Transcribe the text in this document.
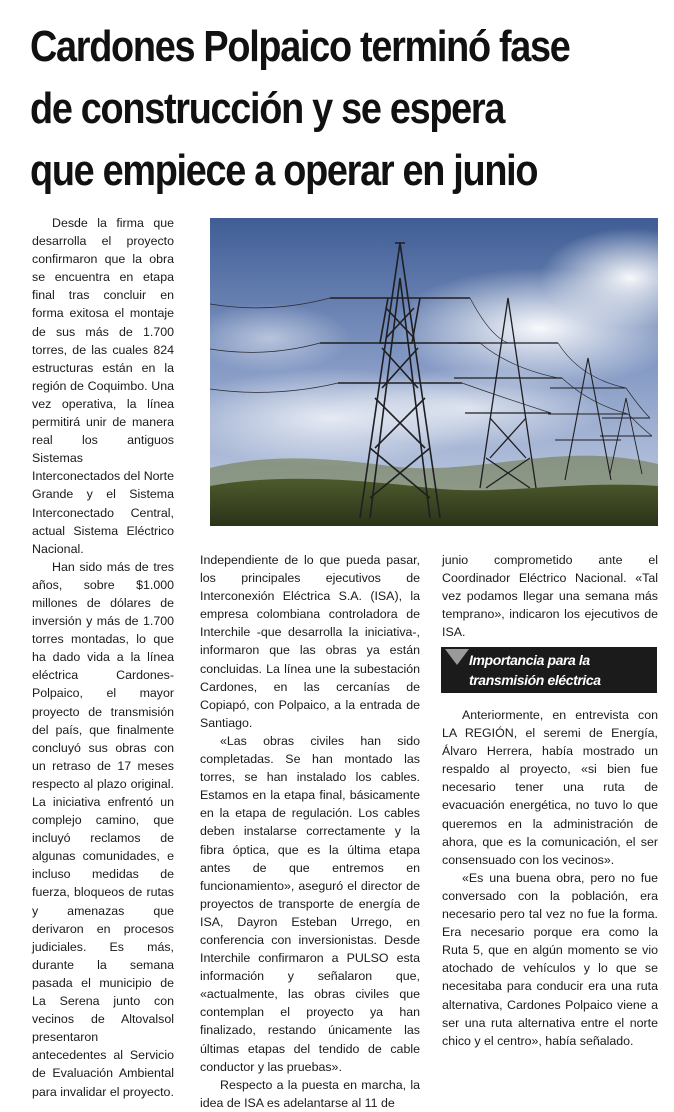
Cardones Polpaico terminó fase
de construcción y se espera
que empiece a operar en junio

Desde la firma que desarrolla el proyecto confirmaron que la obra se encuentra en etapa final tras concluir en forma exitosa el montaje de sus más de 1.700 torres, de las cuales 824 estructuras están en la región de Coquimbo. Una vez operativa, la línea permitirá unir de manera real los antiguos Sistemas Interconectados del Norte Grande y el Sistema Interconectado Central, actual Sistema Eléctrico Nacional.

Han sido más de tres años, sobre $1.000 millones de dólares de inversión y más de 1.700 torres montadas, lo que ha dado vida a la línea eléctrica Cardones-Polpaico, el mayor proyecto de transmisión del país, que finalmente concluyó sus obras con un retraso de 17 meses respecto al plazo original. La iniciativa enfrentó un complejo camino, que incluyó reclamos de algunas comunidades, e incluso medidas de fuerza, bloqueos de rutas y amenazas que derivaron en procesos judiciales. Es más, durante la semana pasada el municipio de La Serena junto con vecinos de Altovalsol presentaron antecedentes al Servicio de Evaluación Ambiental para invalidar el proyecto.

Independiente de lo que pueda pasar, los principales ejecutivos de Interconexión Eléctrica S.A. (ISA), la empresa colombiana controladora de Interchile -que desarrolla la iniciativa-, informaron que las obras ya están concluidas. La línea une la subestación Cardones, en las cercanías de Copiapó, con Polpaico, a la entrada de Santiago.

«Las obras civiles han sido completadas. Se han montado las torres, se han instalado los cables. Estamos en la etapa final, básicamente en la etapa de regulación. Los cables deben instalarse correctamente y la fibra óptica, que es la última etapa antes de que entremos en funcionamiento», aseguró el director de proyectos de transporte de energía de ISA, Dayron Esteban Urrego, en conferencia con inversionistas. Desde Interchile confirmaron a PULSO esta información y señalaron que, «actualmente, las obras civiles que contemplan el proyecto ya han finalizado, restando únicamente las últimas etapas del tendido de cable conductor y las pruebas».

Respecto a la puesta en marcha, la idea de ISA es adelantarse al 11 de

junio comprometido ante el Coordinador Eléctrico Nacional. «Tal vez podamos llegar una semana más temprano», indicaron los ejecutivos de ISA.

Importancia para la
transmisión eléctrica

Anteriormente, en entrevista con LA REGIÓN, el seremi de Energía, Álvaro Herrera, había mostrado un respaldo al proyecto, «si bien fue necesario tener una ruta de evacuación energética, no tuvo lo que queremos en la administración de ahora, que es la comunicación, el ser consensuado con los vecinos».

«Es una buena obra, pero no fue conversado con la población, era necesario pero tal vez no fue la forma. Era necesario porque era como la Ruta 5, que en algún momento se vio atochado de vehículos y lo que se necesitaba para conducir era una ruta alternativa, Cardones Polpaico viene a ser una ruta alternativa entre el norte chico y el centro», había señalado.
